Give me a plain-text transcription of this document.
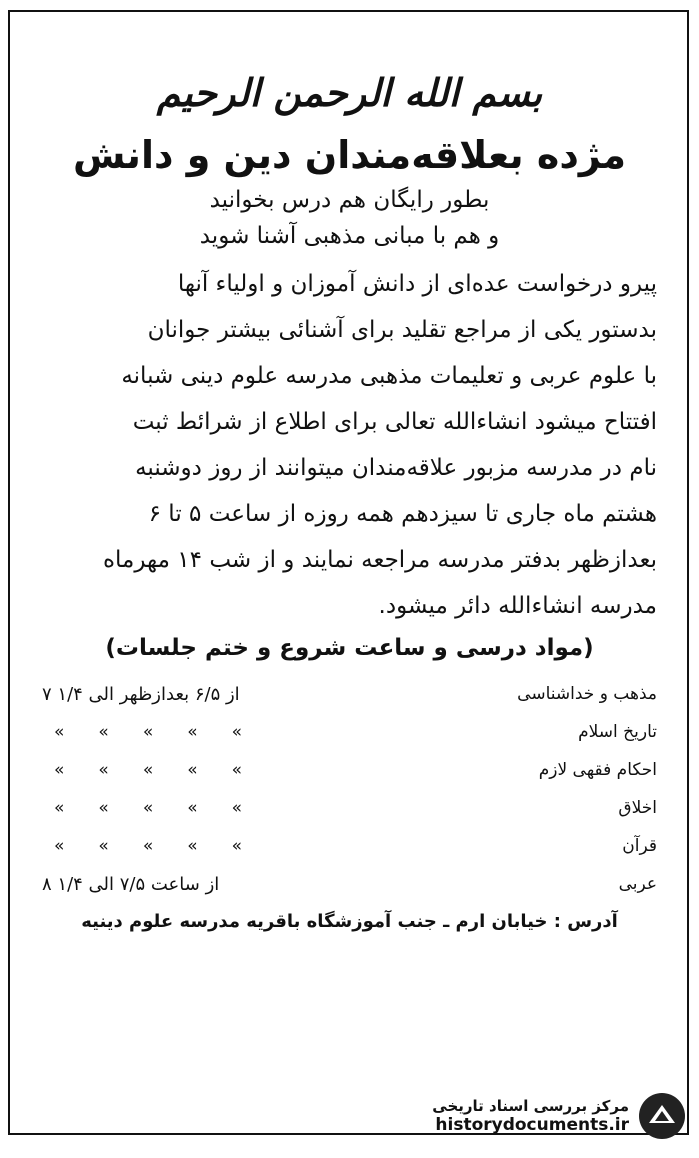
بسم الله الرحمن الرحیم
مژده بعلاقه‌مندان دین و دانش
بطور رایگان هم درس بخوانید
و هم با مبانی مذهبی آشنا شوید

پیرو درخواست عده‌ای از دانش آموزان و اولیاء آنها

بدستور یکی از مراجع تقلید برای آشنائی بیشتر جوانان

با علوم عربی و تعلیمات مذهبی مدرسه علوم دینی شبانه

افتتاح میشود انشاءالله تعالی برای اطلاع از شرائط ثبت

نام در مدرسه مزبور علاقه‌مندان میتوانند از روز دوشنبه

هشتم ماه جاری تا سیزدهم همه روزه از ساعت ۵ تا ۶

بعدازظهر بدفتر مدرسه مراجعه نمایند و از شب ۱۴ مهرماه

مدرسه انشاءالله دائر میشود.

(مواد درسی و ساعت شروع و ختم جلسات)
مذهب و خداشناسی
از ۶/۵ بعدازظهر الی ۱/۴ ۷
تاریخ اسلام
« « « « «
احکام فقهی لازم
« « « « «
اخلاق
« « « « «
قرآن
« « « « «
عربی
از ساعت ۷/۵ الی ۱/۴ ۸
آدرس : خیابان ارم ـ جنب آموزشگاه باقریه مدرسه علوم دینیه
مرکز بررسی اسناد تاریخی
historydocuments.ir
